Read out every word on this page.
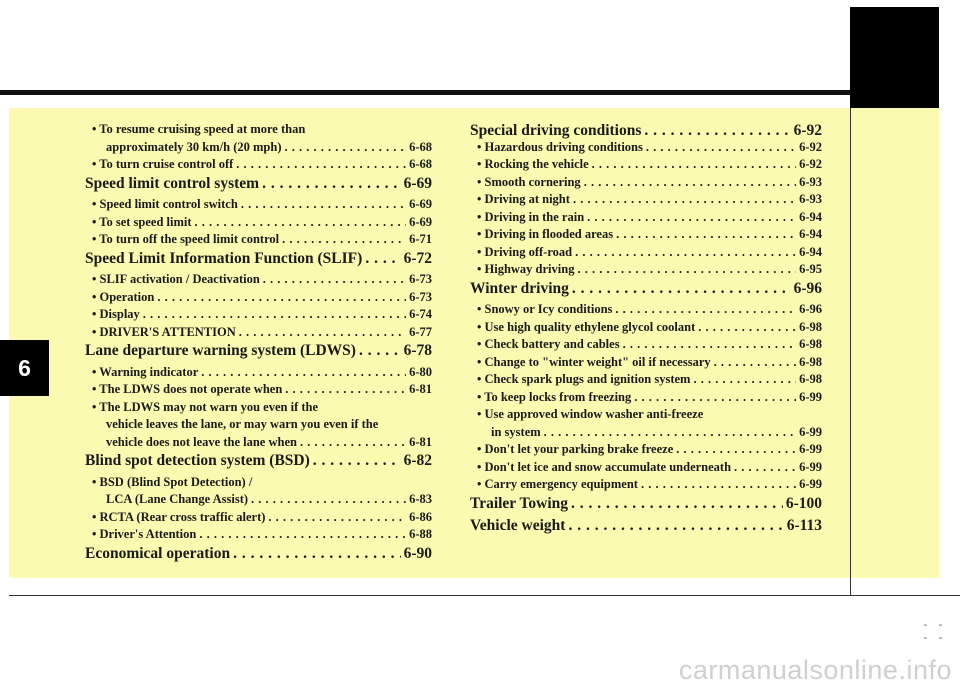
6
• To resume cruising speed at more than
approximately 30 km/h (20 mph) . . .	6-68
• To turn cruise control off . . .	6-68
Speed limit control system . . .	6-69
• Speed limit control switch . . .	6-69
• To set speed limit . . .	6-69
• To turn off the speed limit control . . .	6-71
Speed Limit Information Function (SLIF) . . .	6-72
• SLIF activation / Deactivation . . .	6-73
• Operation . . .	6-73
• Display . . .	6-74
• DRIVER'S ATTENTION . . .	6-77
Lane departure warning system (LDWS) . . .	6-78
• Warning indicator . . .	6-80
• The LDWS does not operate when . . .	6-81
• The LDWS may not warn you even if the
vehicle leaves the lane, or may warn you even if the
vehicle does not leave the lane when . . .	6-81
Blind spot detection system (BSD) . . .	6-82
• BSD (Blind Spot Detection) /
LCA (Lane Change Assist) . . .	6-83
• RCTA (Rear cross traffic alert) . . .	6-86
• Driver's Attention . . .	6-88
Economical operation . . .	6-90
Special driving conditions . . .	6-92
• Hazardous driving conditions . . .	6-92
• Rocking the vehicle . . .	6-92
• Smooth cornering . . .	6-93
• Driving at night . . .	6-93
• Driving in the rain . . .	6-94
• Driving in flooded areas . . .	6-94
• Driving off-road . . .	6-94
• Highway driving . . .	6-95
Winter driving . . .	6-96
• Snowy or Icy conditions . . .	6-96
• Use high quality ethylene glycol coolant . . .	6-98
• Check battery and cables . . .	6-98
• Change to "winter weight" oil if necessary . . .	6-98
• Check spark plugs and ignition system . . .	6-98
• To keep locks from freezing . . .	6-99
• Use approved window washer anti-freeze
in system . . .	6-99
• Don't let your parking brake freeze . . .	6-99
• Don't let ice and snow accumulate underneath . . .	6-99
• Carry emergency equipment . . .	6-99
Trailer Towing . . .	6-100
Vehicle weight . . .	6-113
- - - -
carmanualsonline.info
